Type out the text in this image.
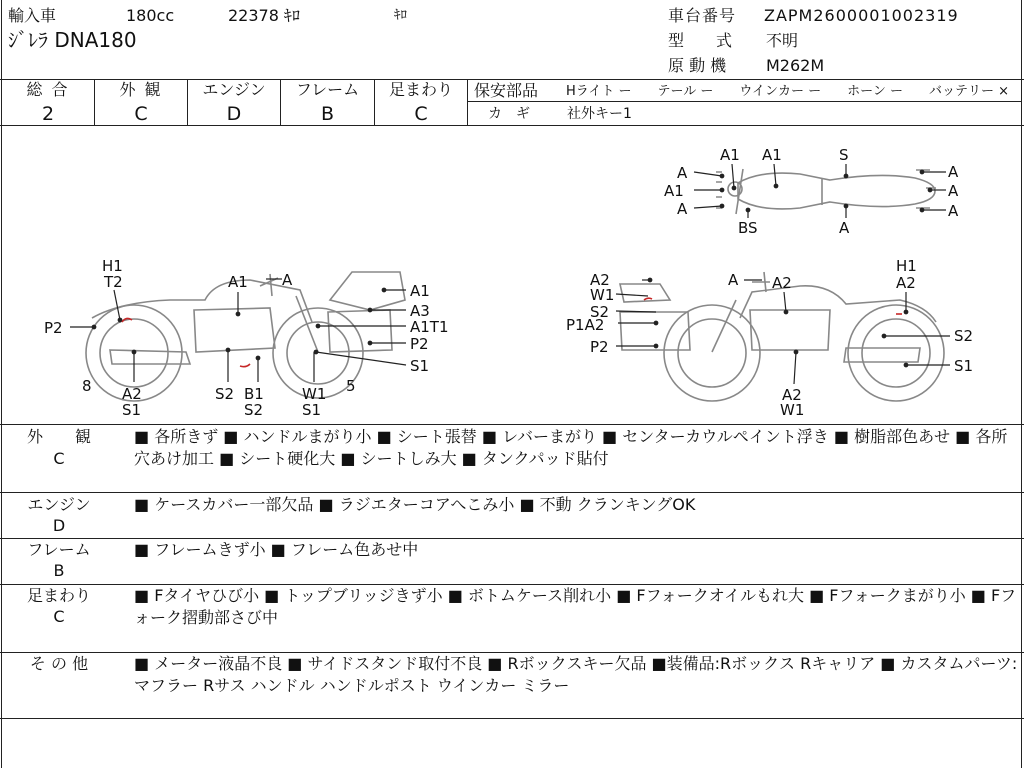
輸入車	180cc	22378 ｷﾛ	ｷﾛ
ｼﾞﾚﾗ DNA180
車台番号 ZAPM2600001002319
型　　式 不明
原 動 機 M262M
総 合
2
外 観
C
エンジン
D
フレーム
B
足まわり
C
保安部品 Hライト ー　　テール ー　　ウインカー ー　　ホーン ー　　バッテリー ×
カ　ギ	社外キー1
A
A1
A
A1 A1	S
A
A
A
BS	A
H1
T2	A1 A
A1
A3
A1T1
P2
P2
S1
8 A2
S1
S2 B1
S2
W1
S1
5
A2
W1
S2
P1A2
P2
A A2
H1
A2
S2
S1
A2
W1
外　　観
C
■ 各所きず ■ ハンドルまがり小 ■ シート張替 ■ レバーまがり ■ センターカウルペイント浮き ■ 樹脂部色あせ ■ 各所穴あけ加工 ■ シート硬化大 ■ シートしみ大 ■ タンクパッド貼付
エンジン
D
■ ケースカバー一部欠品 ■ ラジエターコアへこみ小 ■ 不動 クランキングOK
フレーム
B
■ フレームきず小 ■ フレーム色あせ中
足まわり
C
■ Fタイヤひび小 ■ トップブリッジきず小 ■ ボトムケース削れ小 ■ Fフォークオイルもれ大 ■ Fフォークまがり小 ■ Fフォーク摺動部さび中
そ の 他	■ メーター液晶不良 ■ サイドスタンド取付不良 ■ Rボックスキー欠品 ■装備品:Rボックス Rキャリア ■ カスタムパーツ:マフラー Rサス ハンドル ハンドルポスト ウインカー ミラー
